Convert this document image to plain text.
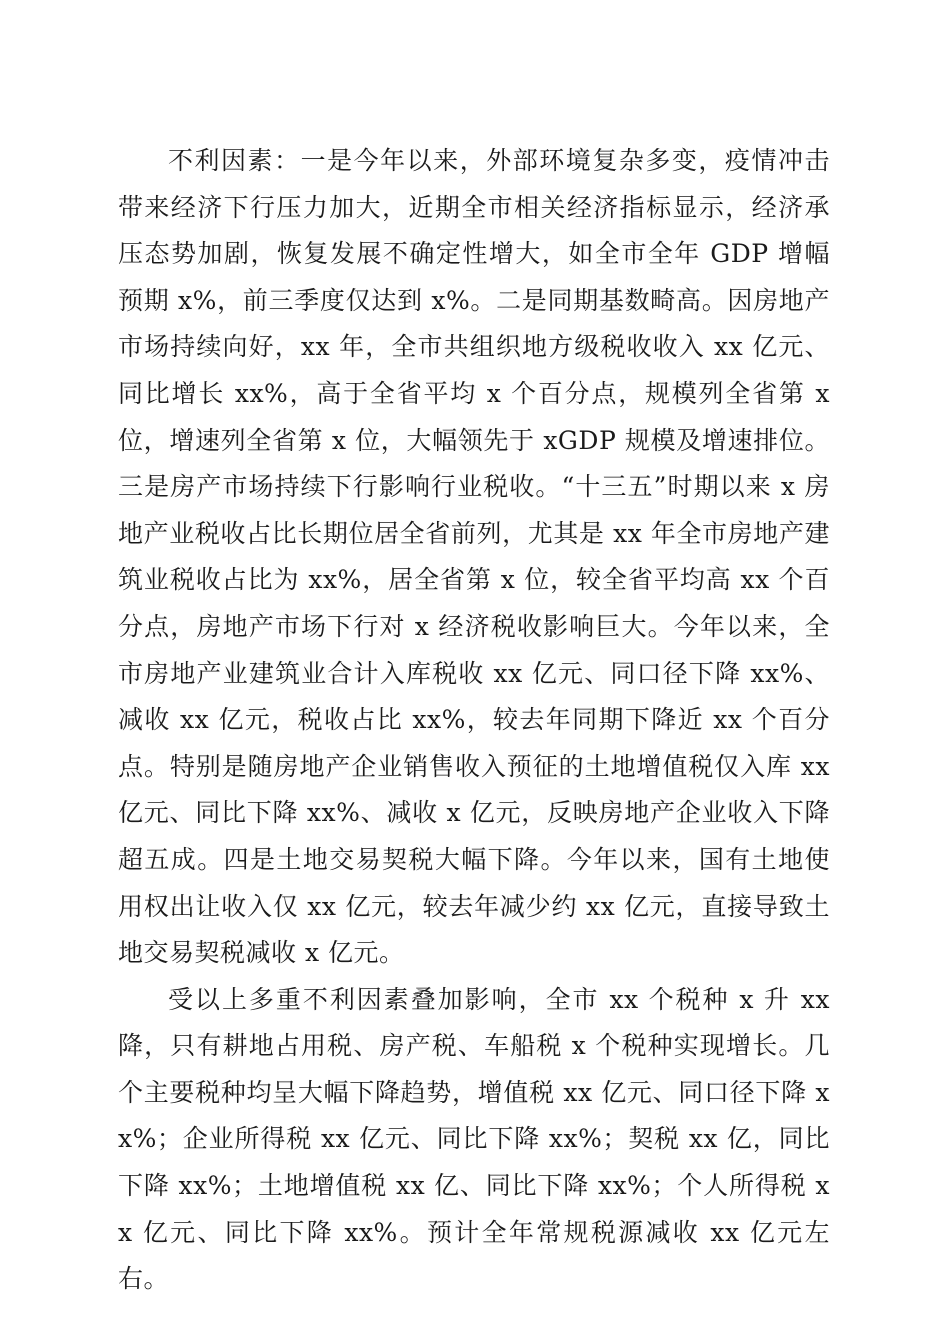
不利因素：一是今年以来，外部环境复杂多变，疫情冲击带来经济下行压力加大，近期全市相关经济指标显示，经济承压态势加剧，恢复发展不确定性增大，如全市全年 GDP 增幅预期 x%，前三季度仅达到 x%。二是同期基数畸高。因房地产市场持续向好，xx 年，全市共组织地方级税收收入 xx 亿元、同比增长 xx%，高于全省平均 x 个百分点，规模列全省第 x 位，增速列全省第 x 位，大幅领先于 xGDP 规模及增速排位。三是房产市场持续下行影响行业税收。“十三五”时期以来 x 房地产业税收占比长期位居全省前列，尤其是 xx 年全市房地产建筑业税收占比为 xx%，居全省第 x 位，较全省平均高 xx 个百分点，房地产市场下行对 x 经济税收影响巨大。今年以来，全市房地产业建筑业合计入库税收 xx 亿元、同口径下降 xx%、减收 xx 亿元，税收占比 xx%，较去年同期下降近 xx 个百分点。特别是随房地产企业销售收入预征的土地增值税仅入库 xx 亿元、同比下降 xx%、减收 x 亿元，反映房地产企业收入下降超五成。四是土地交易契税大幅下降。今年以来，国有土地使用权出让收入仅 xx 亿元，较去年减少约 xx 亿元，直接导致土地交易契税减收 x 亿元。

受以上多重不利因素叠加影响，全市 xx 个税种 x 升 xx 降，只有耕地占用税、房产税、车船税 x 个税种实现增长。几个主要税种均呈大幅下降趋势，增值税 xx 亿元、同口径下降 xx%；企业所得税 xx 亿元、同比下降 xx%；契税 xx 亿，同比下降 xx%；土地增值税 xx 亿、同比下降 xx%；个人所得税 xx 亿元、同比下降 xx%。预计全年常规税源减收 xx 亿元左右。
